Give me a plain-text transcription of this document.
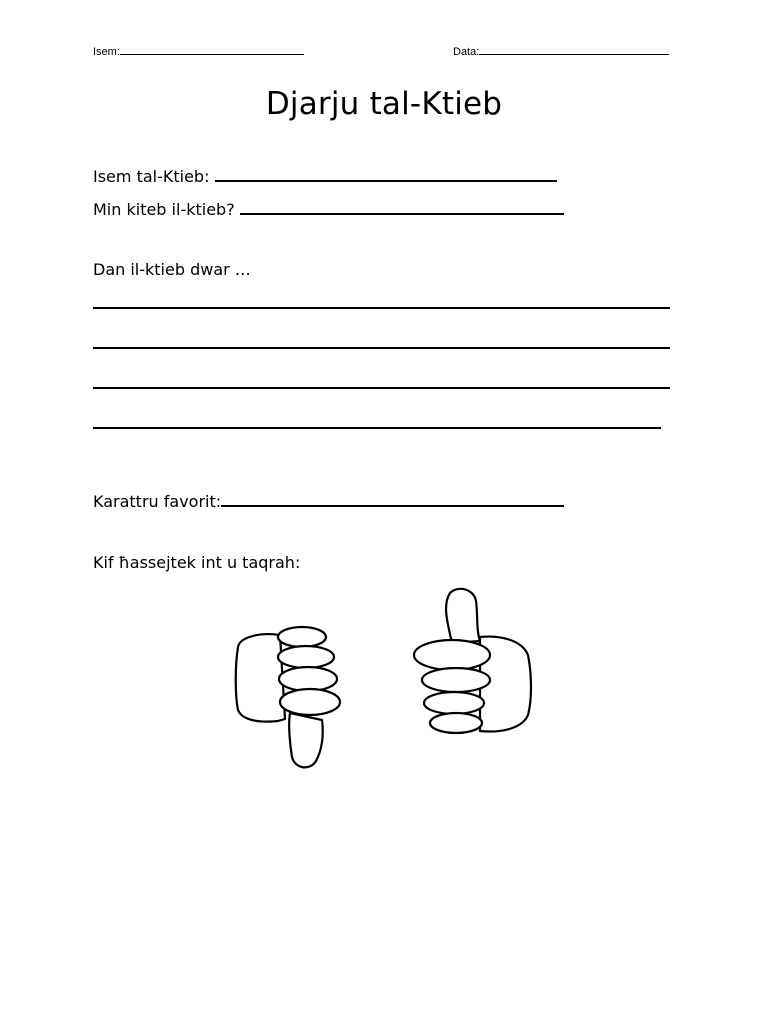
Isem:	Data:
Djarju tal-Ktieb
Isem tal-Ktieb:
Min kiteb il-ktieb?
Dan il-ktieb dwar …
Karattru favorit:
Kif ħassejtek int u taqrah:
